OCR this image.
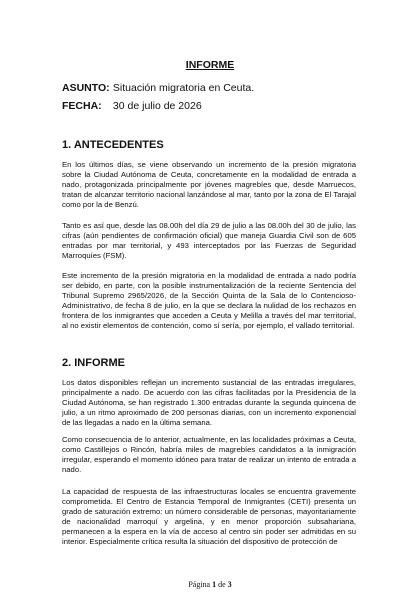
INFORME
ASUNTO: Situación migratoria en Ceuta.
FECHA: 30 de julio de 2026
1. ANTECEDENTES

En los últimos días, se viene observando un incremento de la presión migratoria sobre la Ciudad Autónoma de Ceuta, concretamente en la modalidad de entrada a nado, protagonizada principalmente por jóvenes magrebíes que, desde Marruecos, tratan de alcanzar territorio nacional lanzándose al mar, tanto por la zona de El Tarajal como por la de Benzú.

Tanto es así que, desde las 08.00h del día 29 de julio a las 08.00h del 30 de julio, las cifras (aún pendientes de confirmación oficial) que maneja Guardia Civil son de 605 entradas por mar territorial, y 493 interceptados por las Fuerzas de Seguridad Marroquíes (FSM).

Este incremento de la presión migratoria en la modalidad de entrada a nado podría ser debido, en parte, con la posible instrumentalización de la reciente Sentencia del Tribunal Supremo 2965/2026, de la Sección Quinta de la Sala de lo Contencioso-Administrativo, de fecha 8 de julio, en la que se declara la nulidad de los rechazos en frontera de los inmigrantes que acceden a Ceuta y Melilla a través del mar territorial, al no existir elementos de contención, como sí sería, por ejemplo, el vallado territorial.

2. INFORME

Los datos disponibles reflejan un incremento sustancial de las entradas irregulares, principalmente a nado. De acuerdo con las cifras facilitadas por la Presidencia de la Ciudad Autónoma, se han registrado 1.300 entradas durante la segunda quincena de julio, a un ritmo aproximado de 200 personas diarias, con un incremento exponencial de las llegadas a nado en la última semana.

Como consecuencia de lo anterior, actualmente, en las localidades próximas a Ceuta, como Castillejos o Rincón, habría miles de magrebíes candidatos a la inmigración irregular, esperando el momento idóneo para tratar de realizar un intento de entrada a nado.

La capacidad de respuesta de las infraestructuras locales se encuentra gravemente comprometida. El Centro de Estancia Temporal de Inmigrantes (CETI) presenta un grado de saturación extremo: un número considerable de personas, mayoritariamente de nacionalidad marroquí y argelina, y en menor proporción subsahariana, permanecen a la espera en la vía de acceso al centro sin poder ser admitidas en su interior. Especialmente crítica resulta la situación del dispositivo de protección de

Página 1 de 3
